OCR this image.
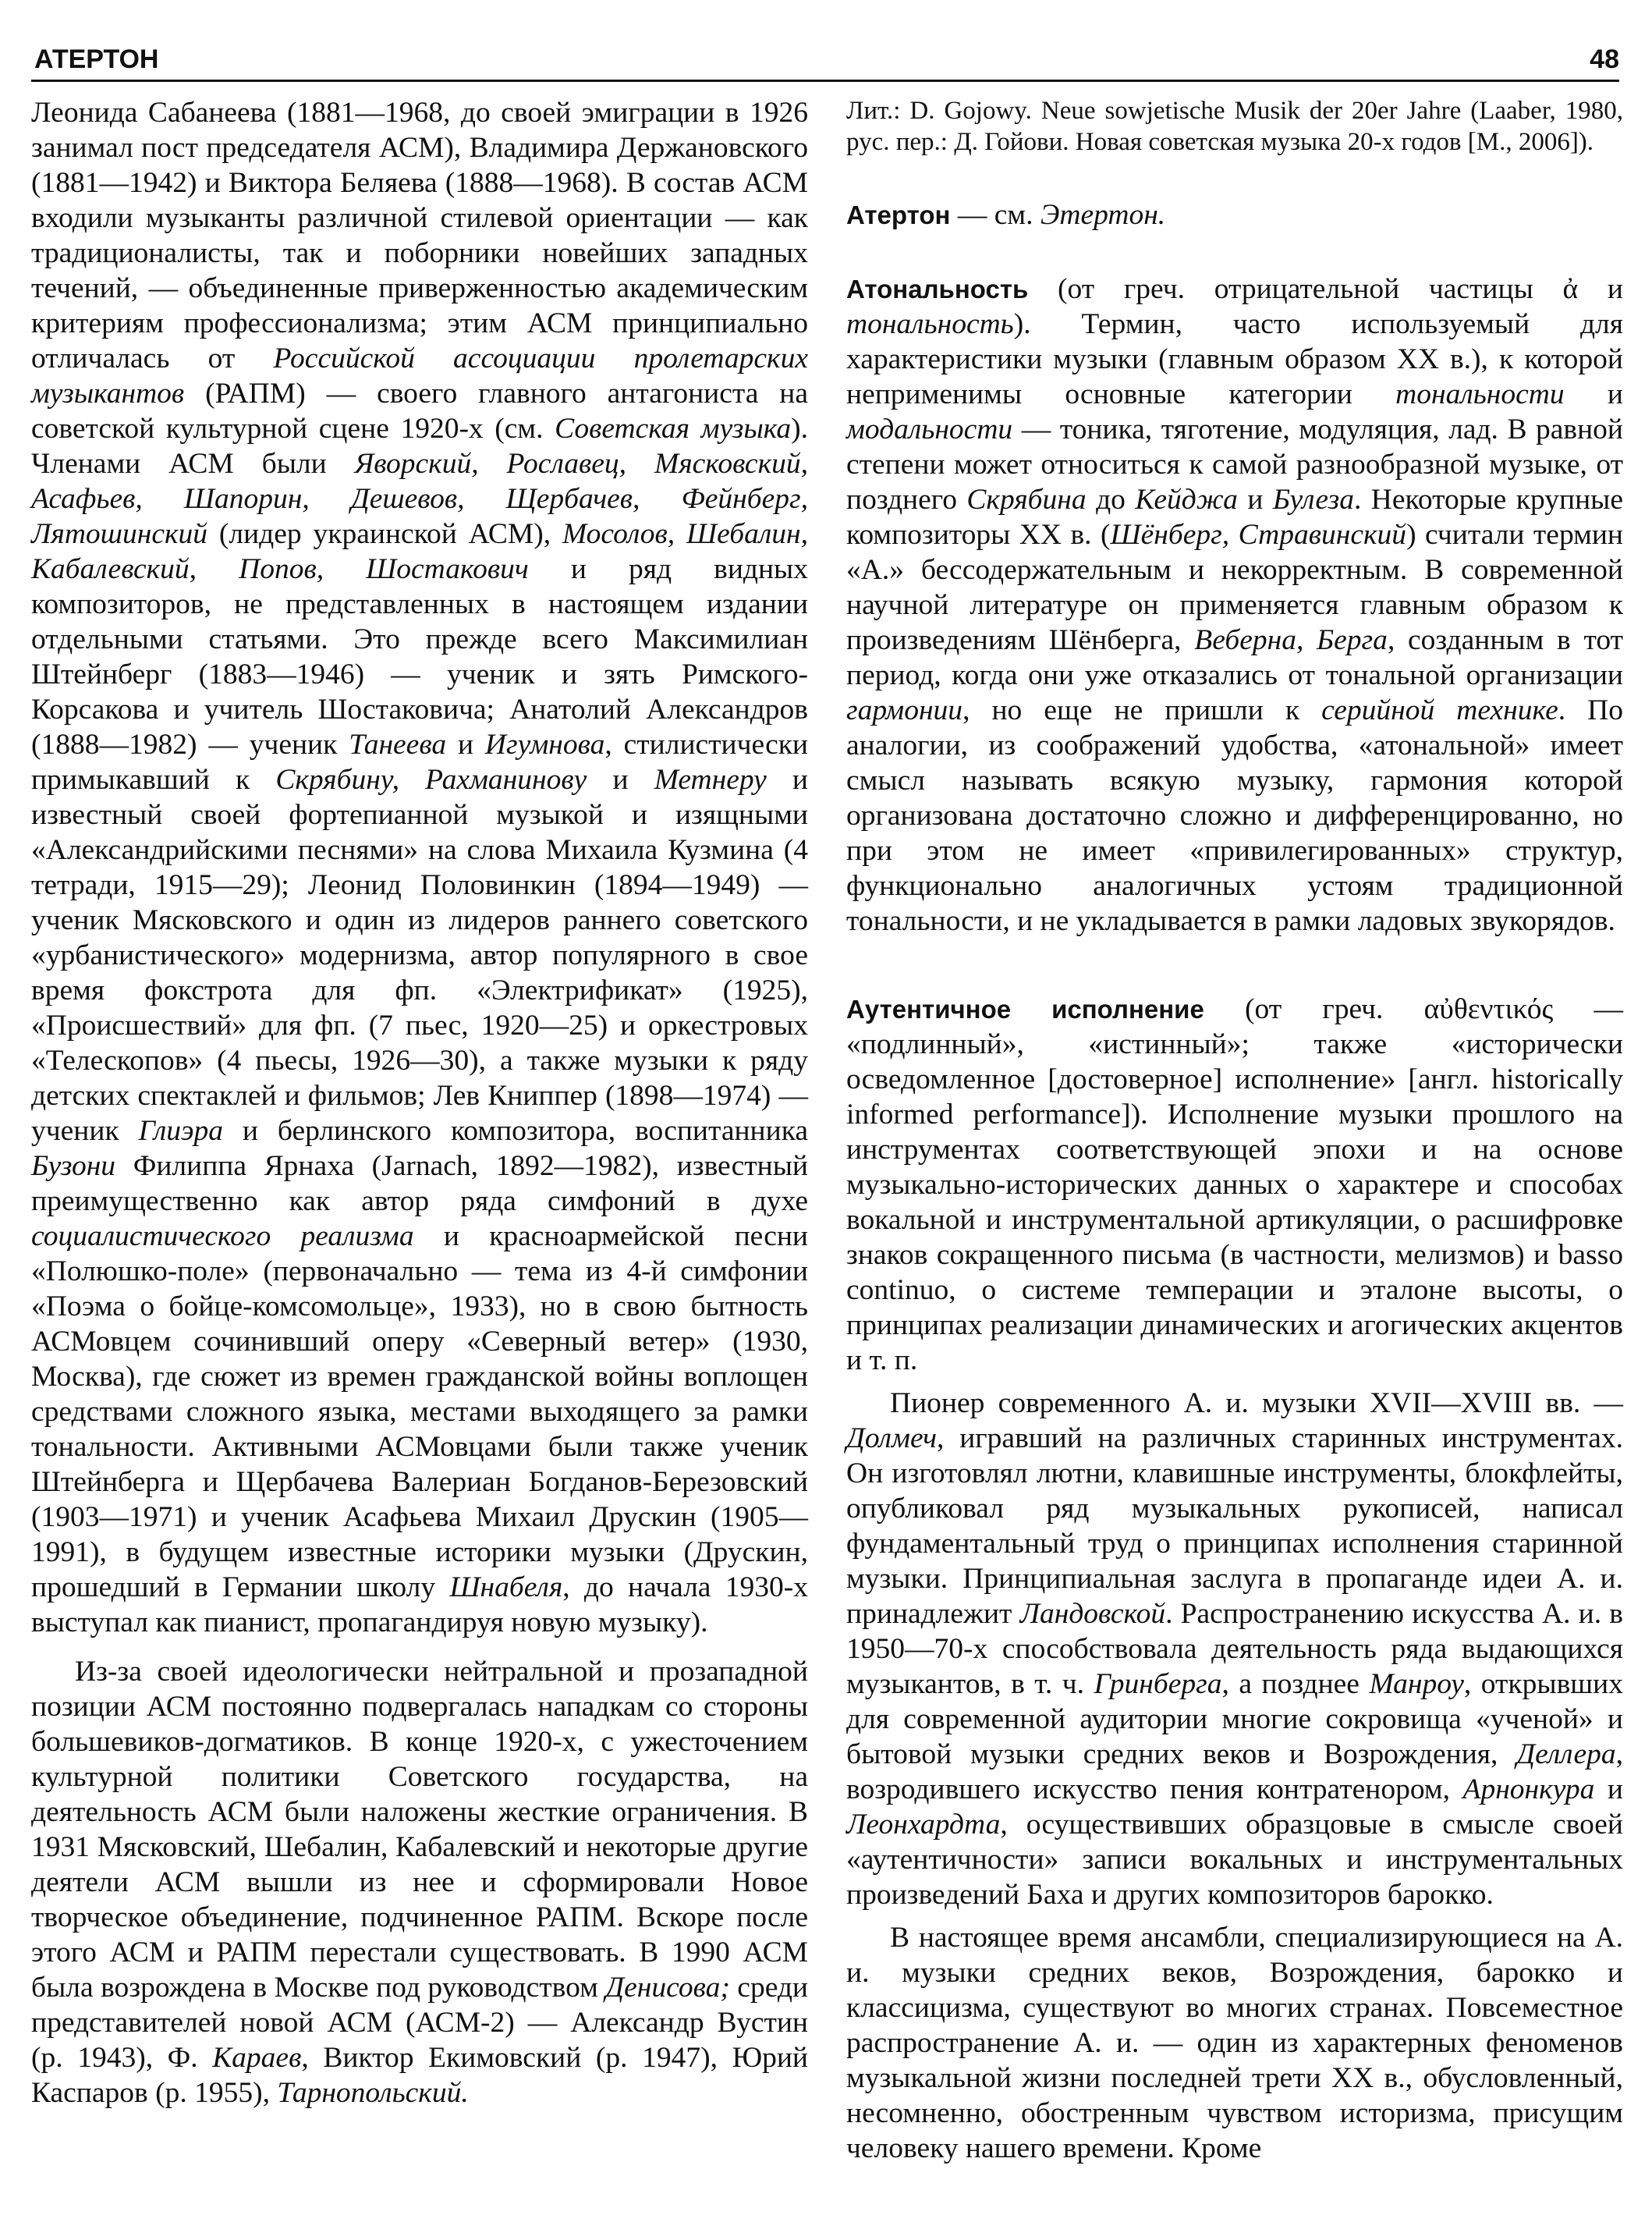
АТЕРТОН	48

Леонида Сабанеева (1881—1968, до своей эмиграции в 1926 занимал пост председателя АСМ), Владимира Держановского (1881—1942) и Виктора Беляева (1888—1968). В состав АСМ входили музыканты различной стилевой ориентации — как традиционалисты, так и поборники новейших западных течений, — объединенные приверженностью академическим критериям профессионализма; этим АСМ принципиально отличалась от Российской ассоциации пролетарских музыкантов (РАПМ) — своего главного антагониста на советской культурной сцене 1920-х (см. Советская музыка). Членами АСМ были Яворский, Рославец, Мясковский, Асафьев, Шапорин, Дешевов, Щербачев, Фейнберг, Лятошинский (лидер украинской АСМ), Мосолов, Шебалин, Кабалевский, Попов, Шостакович и ряд видных композиторов, не представленных в настоящем издании отдельными статьями. Это прежде всего Максимилиан Штейнберг (1883—1946) — ученик и зять Римского-Корсакова и учитель Шостаковича; Анатолий Александров (1888—1982) — ученик Танеева и Игумнова, стилистически примыкавший к Скрябину, Рахманинову и Метнеру и известный своей фортепианной музыкой и изящными «Александрийскими песнями» на слова Михаила Кузмина (4 тетради, 1915—29); Леонид Половинкин (1894—1949) — ученик Мясковского и один из лидеров раннего советского «урбанистического» модернизма, автор популярного в свое время фокстрота для фп. «Электрификат» (1925), «Происшествий» для фп. (7 пьес, 1920—25) и оркестровых «Телескопов» (4 пьесы, 1926—30), а также музыки к ряду детских спектаклей и фильмов; Лев Книппер (1898—1974) — ученик Глиэра и берлинского композитора, воспитанника Бузони Филиппа Ярнаха (Jarnach, 1892—1982), известный преимущественно как автор ряда симфоний в духе социалистического реализма и красноармейской песни «Полюшко-поле» (первоначально — тема из 4-й симфонии «Поэма о бойце-комсомольце», 1933), но в свою бытность АСМовцем сочинивший оперу «Северный ветер» (1930, Москва), где сюжет из времен гражданской войны воплощен средствами сложного языка, местами выходящего за рамки тональности. Активными АСМовцами были также ученик Штейнберга и Щербачева Валериан Богданов-Березовский (1903—1971) и ученик Асафьева Михаил Друскин (1905—1991), в будущем известные историки музыки (Друскин, прошедший в Германии школу Шнабеля, до начала 1930-х выступал как пианист, пропагандируя новую музыку).

Из-за своей идеологически нейтральной и прозападной позиции АСМ постоянно подвергалась нападкам со стороны большевиков-догматиков. В конце 1920-х, с ужесточением культурной политики Советского государства, на деятельность АСМ были наложены жесткие ограничения. В 1931 Мясковский, Шебалин, Кабалевский и некоторые другие деятели АСМ вышли из нее и сформировали Новое творческое объединение, подчиненное РАПМ. Вскоре после этого АСМ и РАПМ перестали существовать. В 1990 АСМ была возрождена в Москве под руководством Денисова; среди представителей новой АСМ (АСМ-2) — Александр Вустин (р. 1943), Ф. Караев, Виктор Екимовский (р. 1947), Юрий Каспаров (р. 1955), Тарнопольский.

Лит.: D. Gojowy. Neue sowjetische Musik der 20er Jahre (Laaber, 1980, рус. пер.: Д. Гойови. Новая советская музыка 20-х годов [М., 2006]).

Атертон — см. Этертон.

Атональность (от греч. отрицательной частицы ἀ и тональность). Термин, часто используемый для характеристики музыки (главным образом XX в.), к которой неприменимы основные категории тональности и модальности — тоника, тяготение, модуляция, лад. В равной степени может относиться к самой разнообразной музыке, от позднего Скрябина до Кейджа и Булеза. Некоторые крупные композиторы XX в. (Шёнберг, Стравинский) считали термин «А.» бессодержательным и некорректным. В современной научной литературе он применяется главным образом к произведениям Шёнберга, Веберна, Берга, созданным в тот период, когда они уже отказались от тональной организации гармонии, но еще не пришли к серийной технике. По аналогии, из соображений удобства, «атональной» имеет смысл называть всякую музыку, гармония которой организована достаточно сложно и дифференцированно, но при этом не имеет «привилегированных» структур, функционально аналогичных устоям традиционной тональности, и не укладывается в рамки ладовых звукорядов.

Аутентичное исполнение (от греч. αὐθεντικός — «подлинный», «истинный»; также «исторически осведомленное [достоверное] исполнение» [англ. historically informed performance]). Исполнение музыки прошлого на инструментах соответствующей эпохи и на основе музыкально-исторических данных о характере и способах вокальной и инструментальной артикуляции, о расшифровке знаков сокращенного письма (в частности, мелизмов) и basso continuo, о системе темперации и эталоне высоты, о принципах реализации динамических и агогических акцентов и т. п.

Пионер современного А. и. музыки XVII—XVIII вв. — Долмеч, игравший на различных старинных инструментах. Он изготовлял лютни, клавишные инструменты, блокфлейты, опубликовал ряд музыкальных рукописей, написал фундаментальный труд о принципах исполнения старинной музыки. Принципиальная заслуга в пропаганде идеи А. и. принадлежит Ландовской. Распространению искусства А. и. в 1950—70-х способствовала деятельность ряда выдающихся музыкантов, в т. ч. Гринберга, а позднее Манроу, открывших для современной аудитории многие сокровища «ученой» и бытовой музыки средних веков и Возрождения, Деллера, возродившего искусство пения контратенором, Арнонкура и Леонхардта, осуществивших образцовые в смысле своей «аутентичности» записи вокальных и инструментальных произведений Баха и других композиторов барокко.

В настоящее время ансамбли, специализирующиеся на А. и. музыки средних веков, Возрождения, барокко и классицизма, существуют во многих странах. Повсеместное распространение А. и. — один из характерных феноменов музыкальной жизни последней трети XX в., обусловленный, несомненно, обостренным чувством историзма, присущим человеку нашего времени. Кроме
